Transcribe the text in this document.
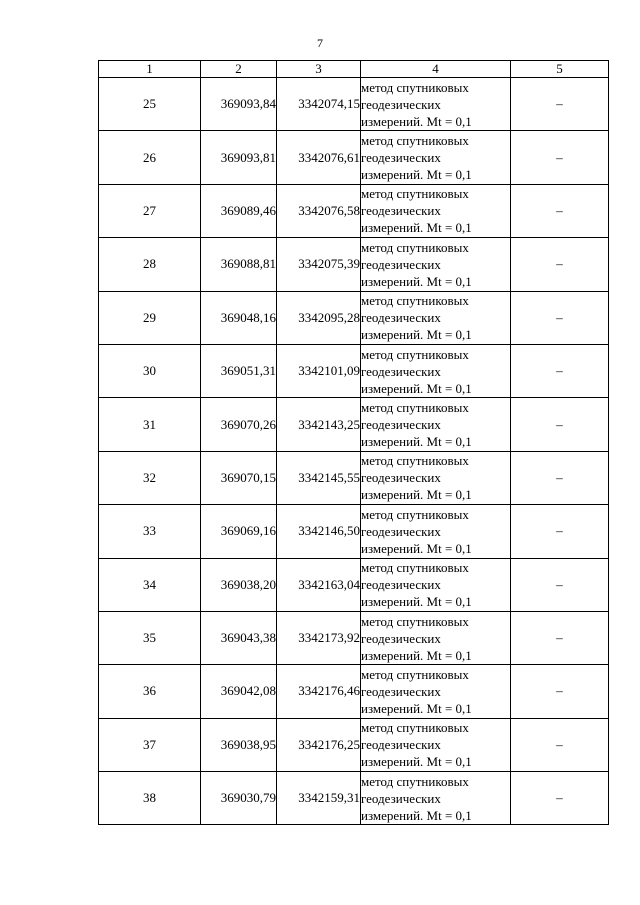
7
1	2	3	4	5
25	369093,84	3342074,15	метод спутниковых
геодезических
измерений. Mt = 0,1	–
26	369093,81	3342076,61	метод спутниковых
геодезических
измерений. Mt = 0,1	–
27	369089,46	3342076,58	метод спутниковых
геодезических
измерений. Mt = 0,1	–
28	369088,81	3342075,39	метод спутниковых
геодезических
измерений. Mt = 0,1	–
29	369048,16	3342095,28	метод спутниковых
геодезических
измерений. Mt = 0,1	–
30	369051,31	3342101,09	метод спутниковых
геодезических
измерений. Mt = 0,1	–
31	369070,26	3342143,25	метод спутниковых
геодезических
измерений. Mt = 0,1	–
32	369070,15	3342145,55	метод спутниковых
геодезических
измерений. Mt = 0,1	–
33	369069,16	3342146,50	метод спутниковых
геодезических
измерений. Mt = 0,1	–
34	369038,20	3342163,04	метод спутниковых
геодезических
измерений. Mt = 0,1	–
35	369043,38	3342173,92	метод спутниковых
геодезических
измерений. Mt = 0,1	–
36	369042,08	3342176,46	метод спутниковых
геодезических
измерений. Mt = 0,1	–
37	369038,95	3342176,25	метод спутниковых
геодезических
измерений. Mt = 0,1	–
38	369030,79	3342159,31	метод спутниковых
геодезических
измерений. Mt = 0,1	–
